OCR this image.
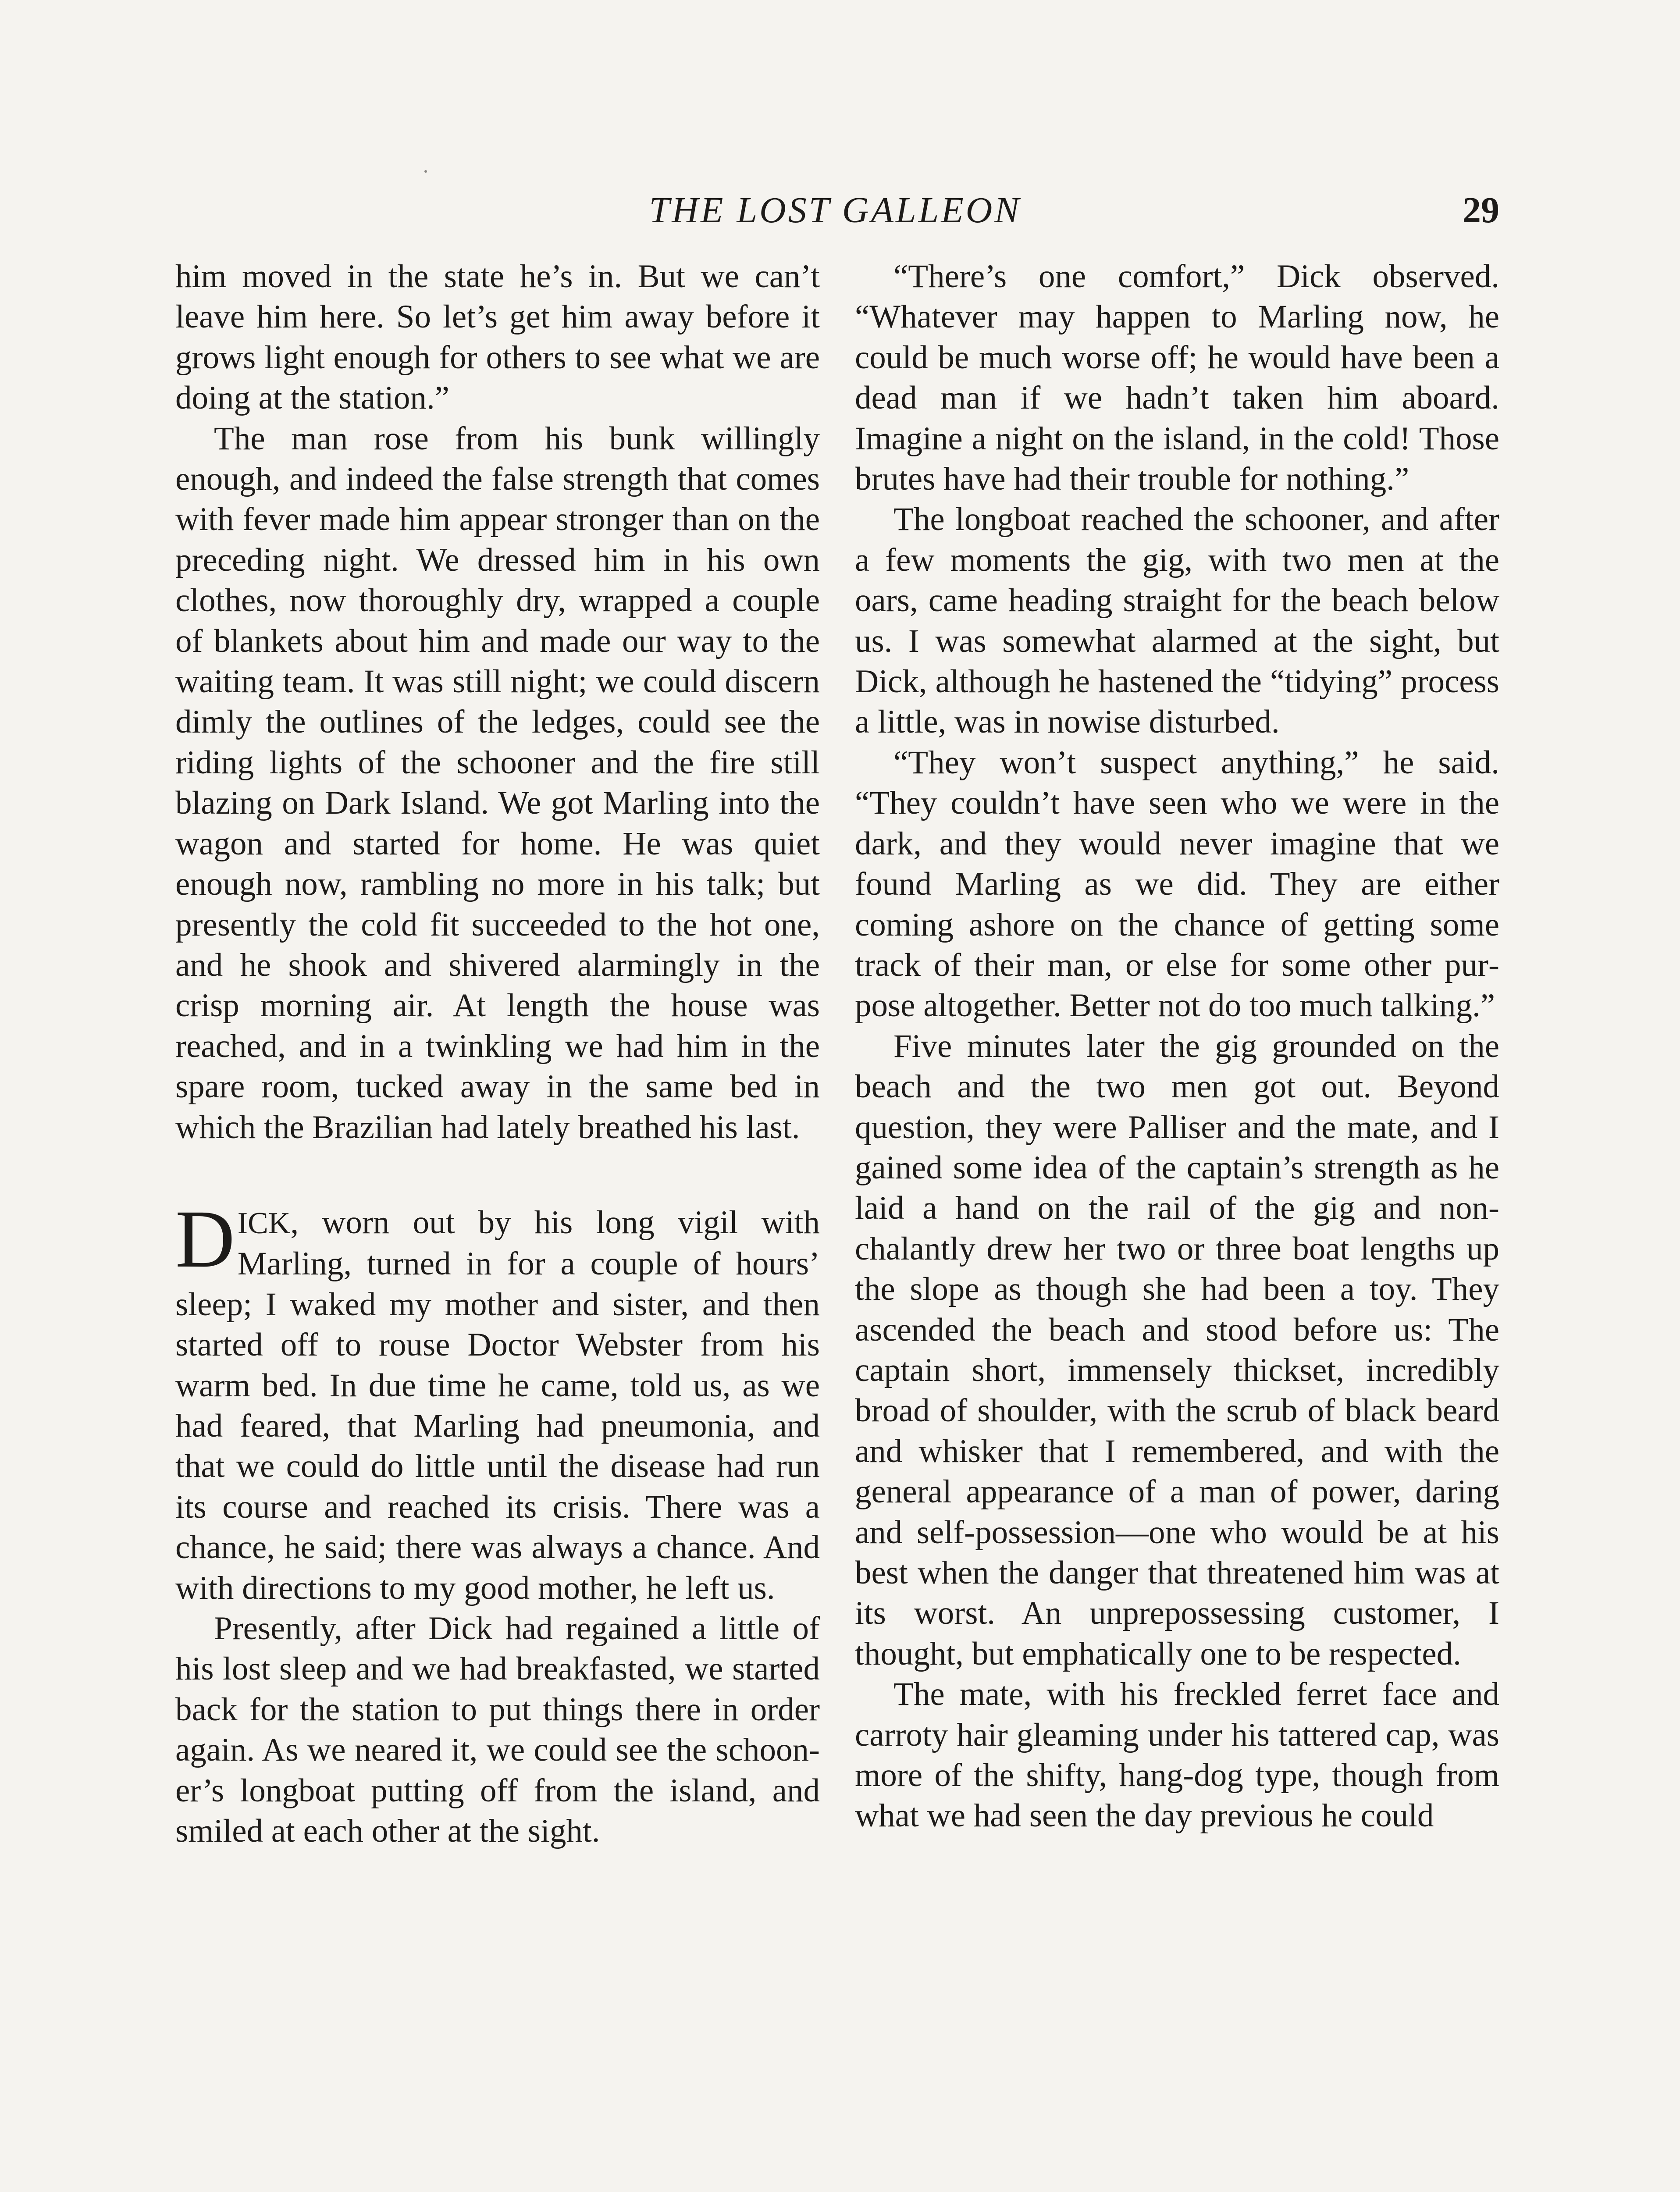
THE LOST GALLEON	29

him moved in the state he’s in. But we can’t leave him here. So let’s get him away before it grows light enough for others to see what we are doing at the station.”

The man rose from his bunk willingly enough, and indeed the false strength that comes with fever made him appear stronger than on the preceding night. We dressed him in his own clothes, now thoroughly dry, wrapped a couple of blankets about him and made our way to the waiting team. It was still night; we could discern dimly the outlines of the ledges, could see the riding lights of the schooner and the fire still blazing on Dark Island. We got Marling into the wagon and started for home. He was quiet enough now, rambling no more in his talk; but presently the cold fit succeeded to the hot one, and he shook and shivered alarmingly in the crisp morning air. At length the house was reached, and in a twinkling we had him in the spare room, tucked away in the same bed in which the Brazilian had lately breathed his last.

DICK, worn out by his long vigil with Marling, turned in for a couple of hours’ sleep; I waked my mother and sister, and then started off to rouse Doctor Webster from his warm bed. In due time he came, told us, as we had feared, that Marling had pneumonia, and that we could do little until the disease had run its course and reached its crisis. There was a chance, he said; there was always a chance. And with directions to my good mother, he left us.

Presently, after Dick had regained a little of his lost sleep and we had breakfasted, we started back for the station to put things there in order again. As we neared it, we could see the schooner’s longboat putting off from the island, and smiled at each other at the sight.

“There’s one comfort,” Dick observed. “Whatever may happen to Marling now, he could be much worse off; he would have been a dead man if we hadn’t taken him aboard. Imagine a night on the island, in the cold! Those brutes have had their trouble for nothing.”

The longboat reached the schooner, and after a few moments the gig, with two men at the oars, came heading straight for the beach below us. I was somewhat alarmed at the sight, but Dick, although he hastened the “tidying” process a little, was in nowise disturbed.

“They won’t suspect anything,” he said. “They couldn’t have seen who we were in the dark, and they would never imagine that we found Marling as we did. They are either coming ashore on the chance of getting some track of their man, or else for some other purpose altogether. Better not do too much talking.”

Five minutes later the gig grounded on the beach and the two men got out. Beyond question, they were Palliser and the mate, and I gained some idea of the captain’s strength as he laid a hand on the rail of the gig and nonchalantly drew her two or three boat lengths up the slope as though she had been a toy. They ascended the beach and stood before us: The captain short, immensely thickset, incredibly broad of shoulder, with the scrub of black beard and whisker that I remembered, and with the general appearance of a man of power, daring and self-possession—one who would be at his best when the danger that threatened him was at its worst. An unprepossessing customer, I thought, but emphatically one to be respected.

The mate, with his freckled ferret face and carroty hair gleaming under his tattered cap, was more of the shifty, hang-dog type, though from what we had seen the day previous he could
